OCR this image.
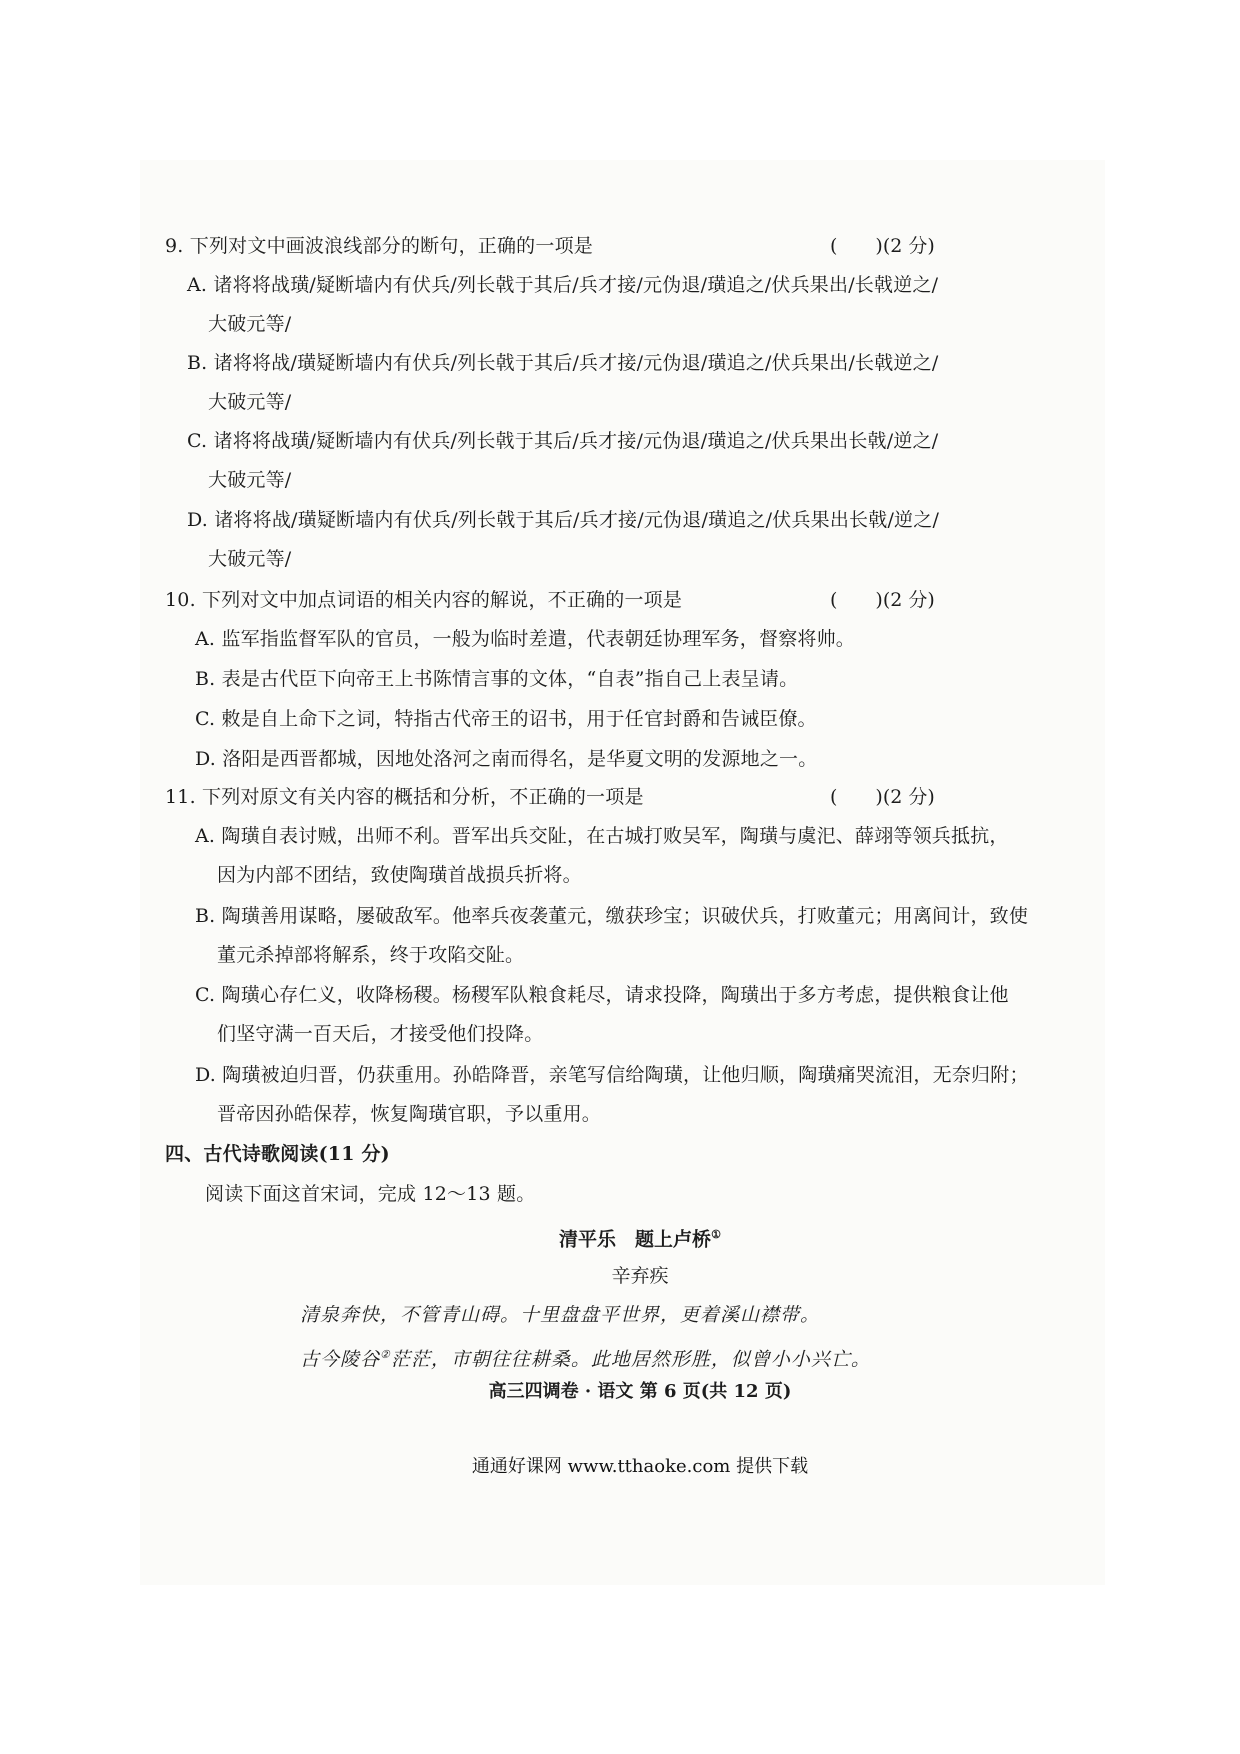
9. 下列对文中画波浪线部分的断句，正确的一项是	(　　)(2 分)
A. 诸将将战璜/疑断墙内有伏兵/列长戟于其后/兵才接/元伪退/璜追之/伏兵果出/长戟逆之/
大破元等/
B. 诸将将战/璜疑断墙内有伏兵/列长戟于其后/兵才接/元伪退/璜追之/伏兵果出/长戟逆之/
大破元等/
C. 诸将将战璜/疑断墙内有伏兵/列长戟于其后/兵才接/元伪退/璜追之/伏兵果出长戟/逆之/
大破元等/
D. 诸将将战/璜疑断墙内有伏兵/列长戟于其后/兵才接/元伪退/璜追之/伏兵果出长戟/逆之/
大破元等/
10. 下列对文中加点词语的相关内容的解说，不正确的一项是	(　　)(2 分)
A. 监军指监督军队的官员，一般为临时差遣，代表朝廷协理军务，督察将帅。
B. 表是古代臣下向帝王上书陈情言事的文体，“自表”指自己上表呈请。
C. 敕是自上命下之词，特指古代帝王的诏书，用于任官封爵和告诫臣僚。
D. 洛阳是西晋都城，因地处洛河之南而得名，是华夏文明的发源地之一。
11. 下列对原文有关内容的概括和分析，不正确的一项是	(　　)(2 分)
A. 陶璜自表讨贼，出师不利。晋军出兵交阯，在古城打败吴军，陶璜与虞汜、薛翊等领兵抵抗，
因为内部不团结，致使陶璜首战损兵折将。
B. 陶璜善用谋略，屡破敌军。他率兵夜袭董元，缴获珍宝；识破伏兵，打败董元；用离间计，致使
董元杀掉部将解系，终于攻陷交阯。
C. 陶璜心存仁义，收降杨稷。杨稷军队粮食耗尽，请求投降，陶璜出于多方考虑，提供粮食让他
们坚守满一百天后，才接受他们投降。
D. 陶璜被迫归晋，仍获重用。孙皓降晋，亲笔写信给陶璜，让他归顺，陶璜痛哭流泪，无奈归附；
晋帝因孙皓保荐，恢复陶璜官职，予以重用。
四、古代诗歌阅读(11 分)
阅读下面这首宋词，完成 12～13 题。
清平乐　题上卢桥①
辛弃疾
清泉奔快，不管青山碍。十里盘盘平世界，更着溪山襟带。
古今陵谷②茫茫，市朝往往耕桑。此地居然形胜，似曾小小兴亡。
高三四调卷 · 语文 第 6 页(共 12 页)
通通好课网 www.tthaoke.com 提供下载
